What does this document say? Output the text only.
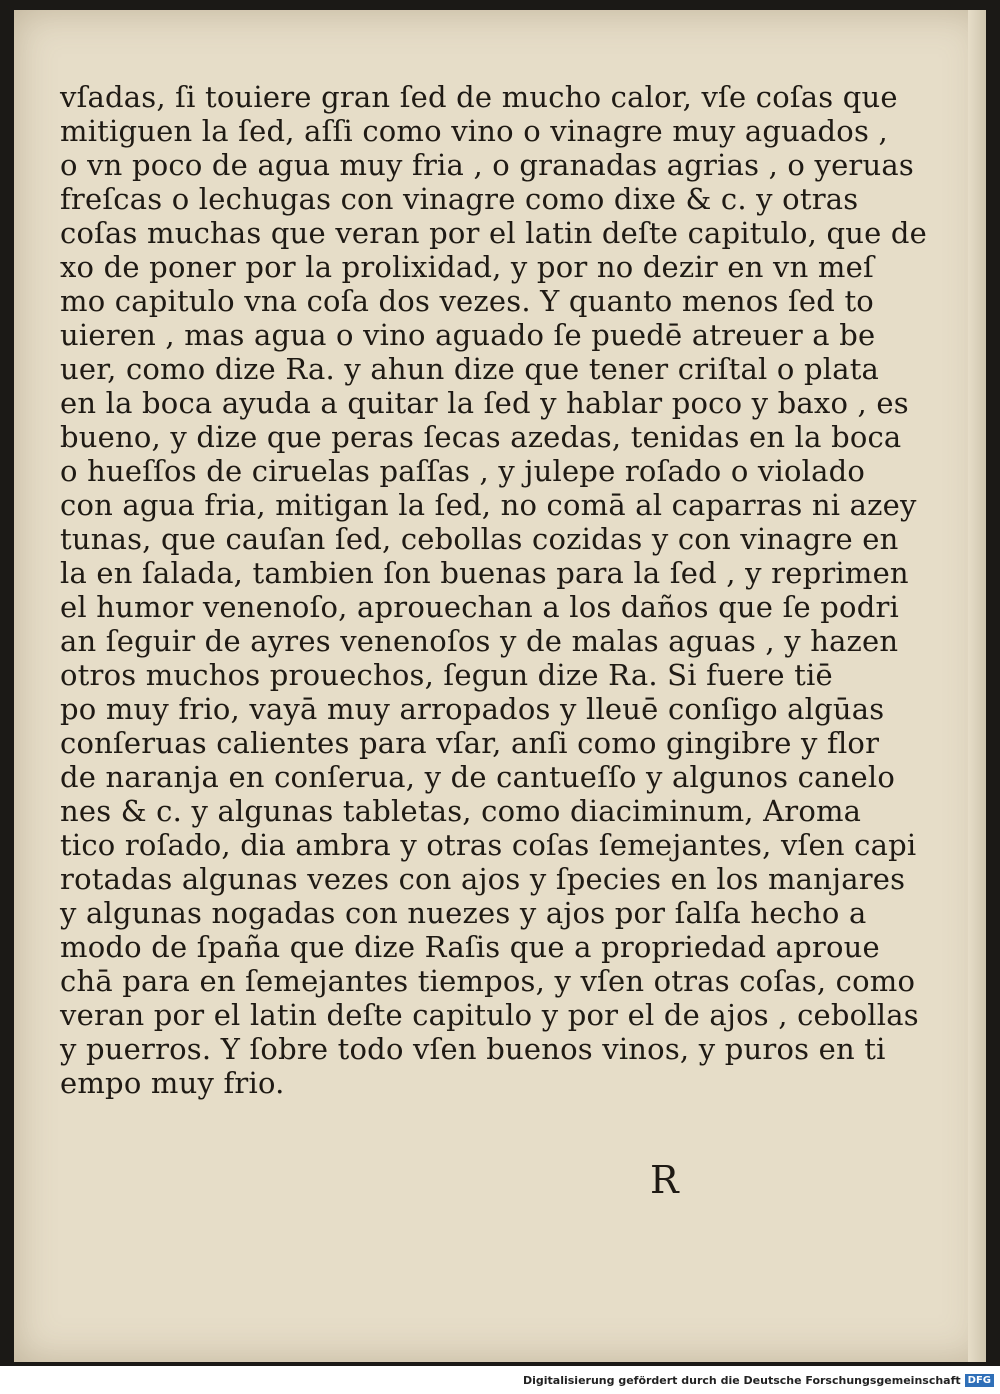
vſadas, ſi touiere gran ſed de mucho calor, vſe coſas que
mitiguen la ſed, aſſi como vino o vinagre muy aguados ,
o vn poco de agua muy fria , o granadas agrias , o yeruas
freſcas o lechugas con vinagre como dixe & c. y otras
coſas muchas que veran por el latin deſte capitulo, que de
xo de poner por la prolixidad, y por no dezir en vn meſ
mo capitulo vna coſa dos vezes. Y quanto menos ſed to
uieren , mas agua o vino aguado ſe puedē atreuer a be
uer, como dize Ra. y ahun dize que tener criſtal o plata
en la boca ayuda a quitar la ſed y hablar poco y baxo , es
bueno, y dize que peras ſecas azedas, tenidas en la boca
o hueſſos de ciruelas paſſas , y julepe roſado o violado
con agua fria, mitigan la ſed, no comā al caparras ni azey
tunas, que cauſan ſed, cebollas cozidas y con vinagre en
la en ſalada, tambien ſon buenas para la ſed , y reprimen
el humor venenoſo, aprouechan a los daños que ſe podri
an ſeguir de ayres venenoſos y de malas aguas , y hazen
otros muchos prouechos, ſegun dize Ra. Si fuere tiē
po muy frio, vayā muy arropados y lleuē conſigo algūas
conſeruas calientes para vſar, anſi como gingibre y flor
de naranja en conſerua, y de cantueſſo y algunos canelo
nes & c. y algunas tabletas, como diaciminum, Aroma
tico roſado, dia ambra y otras coſas ſemejantes, vſen capi
rotadas algunas vezes con ajos y ſpecies en los manjares
y algunas nogadas con nuezes y ajos por ſalſa hecho a
modo de ſpaña que dize Raſis que a propriedad aproue
chā para en ſemejantes tiempos, y vſen otras coſas, como
veran por el latin deſte capitulo y por el de ajos , cebollas
y puerros. Y ſobre todo vſen buenos vinos, y puros en ti
empo muy frio.
R
Digitalisierung gefördert durch die Deutsche Forschungsgemeinschaft DFG
